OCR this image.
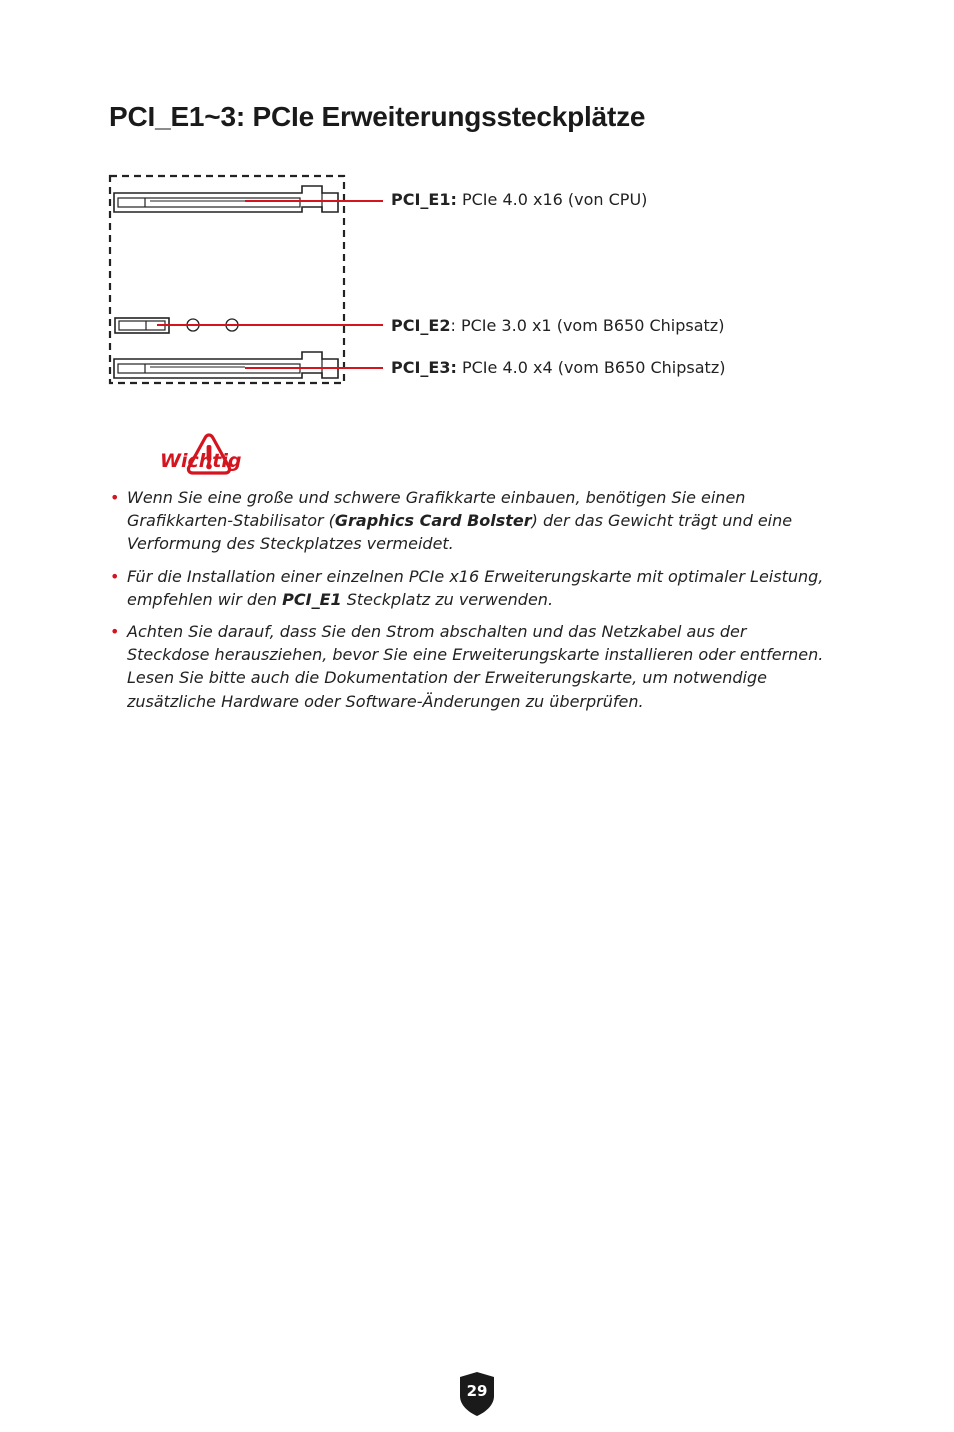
PCI_E1~3: PCIe Erweiterungssteckplätze
PCI_E1: PCIe 4.0 x16 (von CPU)
PCI_E2: PCIe 3.0 x1 (vom B650 Chipsatz)
PCI_E3: PCIe 4.0 x4 (vom B650 Chipsatz)
Wichtig
• Wenn Sie eine große und schwere Grafikkarte einbauen, benötigen Sie einen Grafikkarten-Stabilisator (Graphics Card Bolster) der das Gewicht trägt und eine Verformung des Steckplatzes vermeidet.
• Für die Installation einer einzelnen PCIe x16 Erweiterungskarte mit optimaler Leistung, empfehlen wir den PCI_E1 Steckplatz zu verwenden.
• Achten Sie darauf, dass Sie den Strom abschalten und das Netzkabel aus der Steckdose herausziehen, bevor Sie eine Erweiterungskarte installieren oder entfernen. Lesen Sie bitte auch die Dokumentation der Erweiterungskarte, um notwendige zusätzliche Hardware oder Software-Änderungen zu überprüfen.
29
